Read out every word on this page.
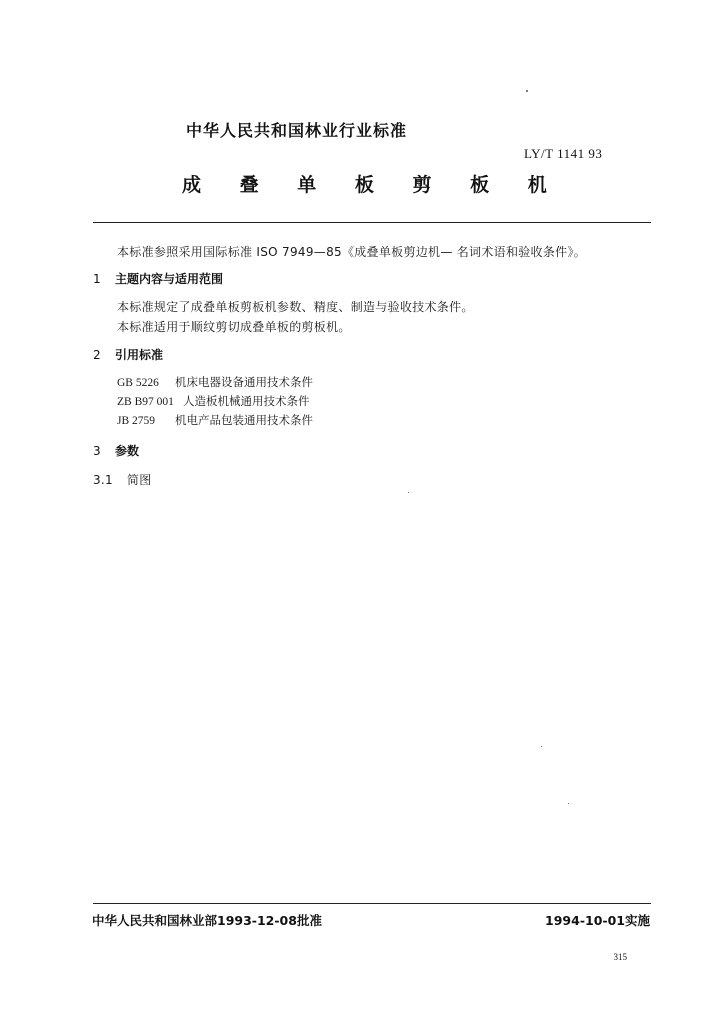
中华人民共和国林业行业标准
LY/T 1141 93
成 叠 单 板 剪 板 机
本标准参照采用国际标准 ISO 7949—85《成叠单板剪边机— 名词术语和验收条件》。
1 主题内容与适用范围
本标准规定了成叠单板剪板机参数、精度、制造与验收技术条件。
本标准适用于顺纹剪切成叠单板的剪板机。
2 引用标准
GB 5226 机床电器设备通用技术条件
ZB B97 001 人造板机械通用技术条件
JB 2759 机电产品包装通用技术条件
3 参数
3.1 简图
中华人民共和国林业部1993-12-08批准	1994-10-01实施
315
